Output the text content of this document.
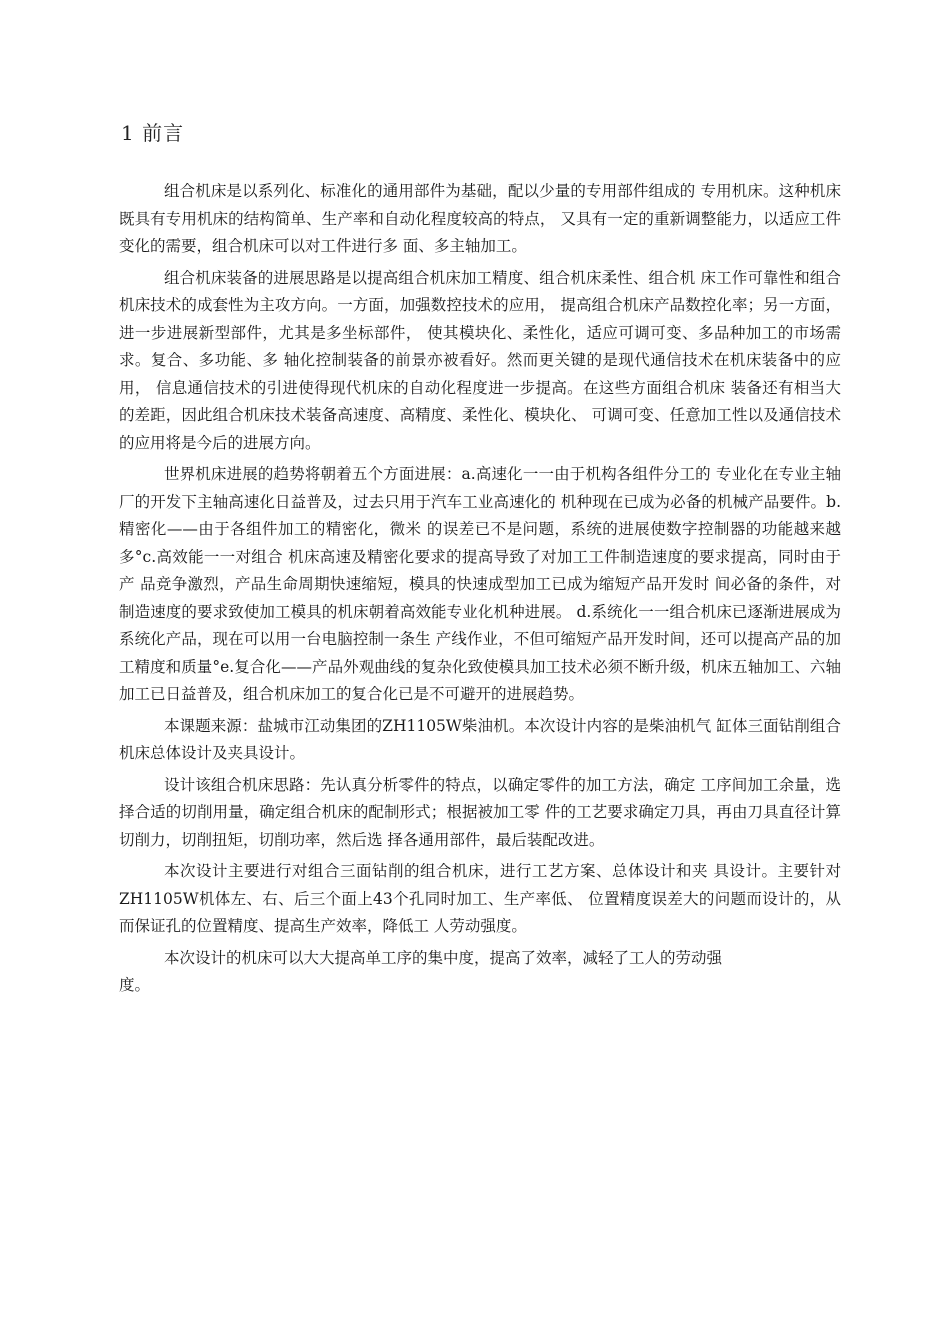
1 前言

组合机床是以系列化、标准化的通用部件为基础，配以少量的专用部件组成的 专用机床。这种机床既具有专用机床的结构简单、生产率和自动化程度较高的特点， 又具有一定的重新调整能力，以适应工件变化的需要，组合机床可以对工件进行多 面、多主轴加工。

组合机床装备的进展思路是以提高组合机床加工精度、组合机床柔性、组合机 床工作可靠性和组合机床技术的成套性为主攻方向。一方面，加强数控技术的应用， 提高组合机床产品数控化率；另一方面，进一步进展新型部件，尤其是多坐标部件， 使其模块化、柔性化，适应可调可变、多品种加工的市场需求。复合、多功能、多 轴化控制装备的前景亦被看好。然而更关键的是现代通信技术在机床装备中的应用， 信息通信技术的引进使得现代机床的自动化程度进一步提高。在这些方面组合机床 装备还有相当大的差距，因此组合机床技术装备高速度、高精度、柔性化、模块化、 可调可变、任意加工性以及通信技术的应用将是今后的进展方向。

世界机床进展的趋势将朝着五个方面进展：a.高速化一一由于机构各组件分工的 专业化在专业主轴厂的开发下主轴高速化日益普及，过去只用于汽车工业高速化的 机种现在已成为必备的机械产品要件。b.精密化——由于各组件加工的精密化，微米 的误差已不是问题，系统的进展使数字控制器的功能越来越多°c.高效能一一对组合 机床高速及精密化要求的提高导致了对加工工件制造速度的要求提高，同时由于产 品竞争激烈，产品生命周期快速缩短，模具的快速成型加工已成为缩短产品开发时 间必备的条件，对制造速度的要求致使加工模具的机床朝着高效能专业化机种进展。 d.系统化一一组合机床已逐渐进展成为系统化产品，现在可以用一台电脑控制一条生 产线作业，不但可缩短产品开发时间，还可以提高产品的加工精度和质量°e.复合化——产品外观曲线的复杂化致使模具加工技术必须不断升级，机床五轴加工、六轴 加工已日益普及，组合机床加工的复合化已是不可避开的进展趋势。

本课题来源：盐城市江动集团的ZH1105W柴油机。本次设计内容的是柴油机气 缸体三面钻削组合机床总体设计及夹具设计。

设计该组合机床思路：先认真分析零件的特点，以确定零件的加工方法，确定 工序间加工余量，选择合适的切削用量，确定组合机床的配制形式；根据被加工零 件的工艺要求确定刀具，再由刀具直径计算切削力，切削扭矩，切削功率，然后选 择各通用部件，最后装配改进。

本次设计主要进行对组合三面钻削的组合机床，进行工艺方案、总体设计和夹 具设计。主要针对ZH1105W机体左、右、后三个面上43个孔同时加工、生产率低、 位置精度误差大的问题而设计的，从而保证孔的位置精度、提高生产效率，降低工 人劳动强度。

本次设计的机床可以大大提高单工序的集中度，提高了效率，减轻了工人的劳动强度。
